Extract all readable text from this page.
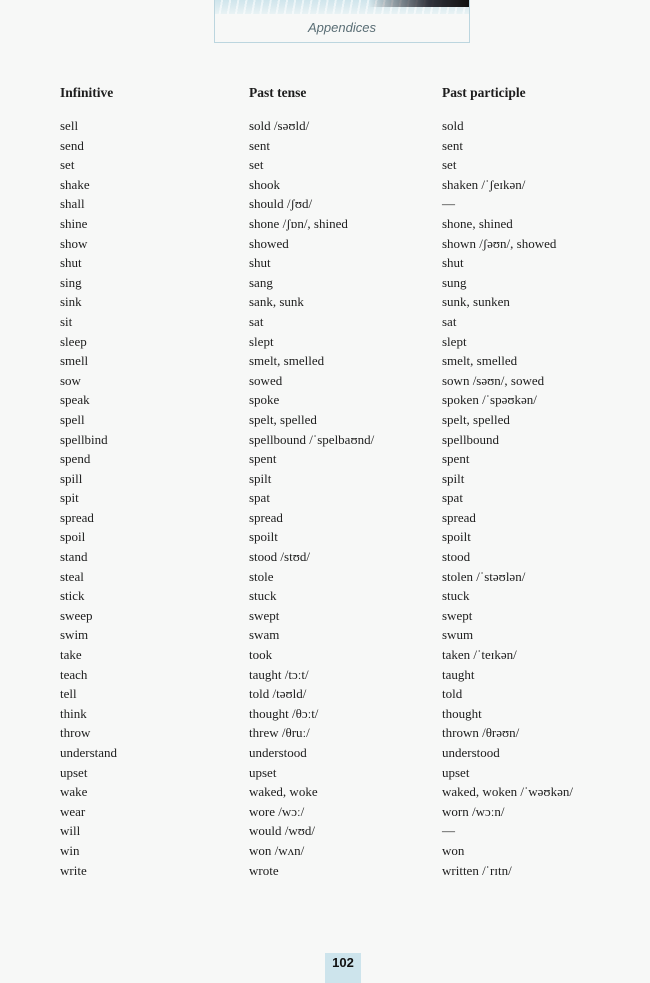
Appendices
Infinitive	Past tense	Past participle
sell	sold /səʊld/	sold
send	sent	sent
set	set	set
shake	shook	shaken /ˈʃeɪkən/
shall	should /ʃʊd/	—
shine	shone /ʃɒn/, shined	shone, shined
show	showed	shown /ʃəʊn/, showed
shut	shut	shut
sing	sang	sung
sink	sank, sunk	sunk, sunken
sit	sat	sat
sleep	slept	slept
smell	smelt, smelled	smelt, smelled
sow	sowed	sown /səʊn/, sowed
speak	spoke	spoken /ˈspəʊkən/
spell	spelt, spelled	spelt, spelled
spellbind	spellbound /ˈspelbaʊnd/	spellbound
spend	spent	spent
spill	spilt	spilt
spit	spat	spat
spread	spread	spread
spoil	spoilt	spoilt
stand	stood /stʊd/	stood
steal	stole	stolen /ˈstəʊlən/
stick	stuck	stuck
sweep	swept	swept
swim	swam	swum
take	took	taken /ˈteɪkən/
teach	taught /tɔːt/	taught
tell	told /təʊld/	told
think	thought /θɔːt/	thought
throw	threw /θruː/	thrown /θrəʊn/
understand	understood	understood
upset	upset	upset
wake	waked, woke	waked, woken /ˈwəʊkən/
wear	wore /wɔː/	worn /wɔːn/
will	would /wʊd/	—
win	won /wʌn/	won
write	wrote	written /ˈrɪtn/
102
